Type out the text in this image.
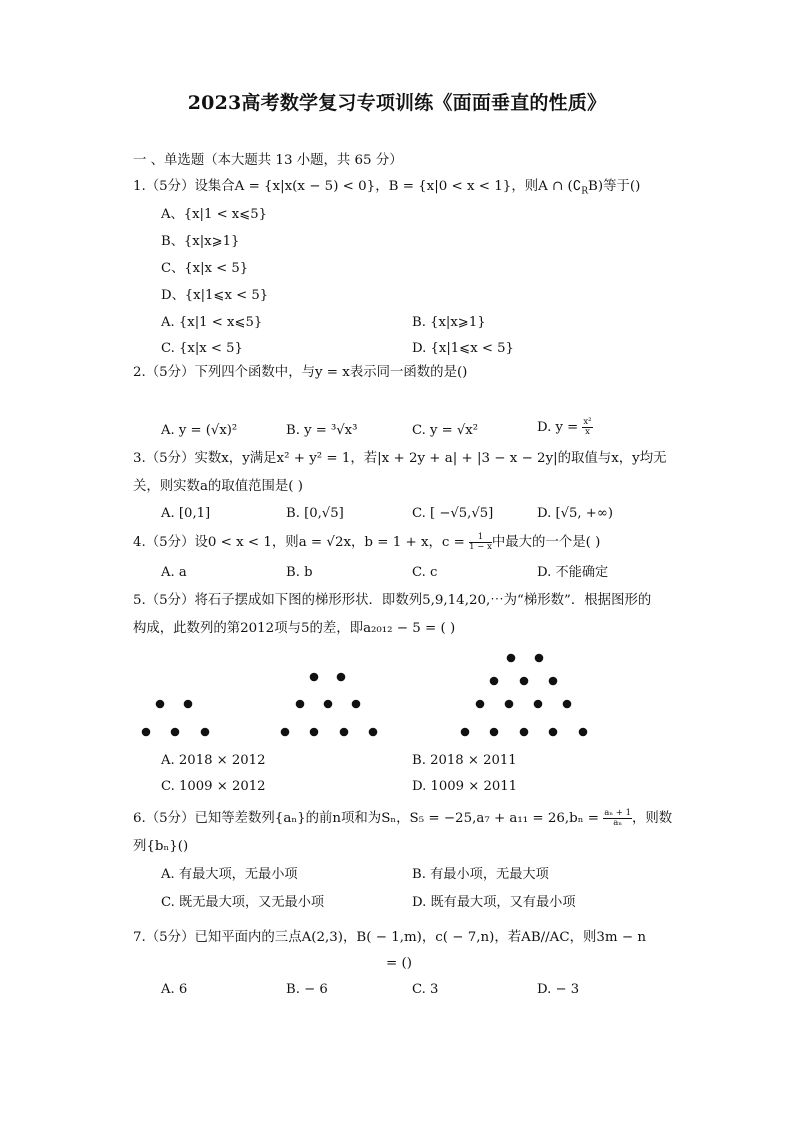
2023高考数学复习专项训练《面面垂直的性质》
一 、单选题（本大题共 13 小题，共 65 分）
1.（5分）设集合A = {x|x(x − 5) < 0}，B = {x|0 < x < 1}，则A ∩ $(∁_RB)$等于()
A、{x|1 < x⩽5}
B、{x|x⩾1}
C、{x|x < 5}
D、{x|1⩽x < 5}
A. {x|1 < x⩽5}	B. {x|x⩾1}
C. {x|x < 5}	D. {x|1⩽x < 5}
2.（5分）下列四个函数中，与y = x表示同一函数的是()
A. y = (√x)²	B. y = ³√x³	C. y = √x²	D. $y = \frac{\text{x²}}{x}$
3.（5分）实数x，y满足x² + y² = 1，若|x + 2y + a| + |3 − x − 2y|的取值与x，y均无
关，则实数a的取值范围是( )
A. [0,1]	B. [0,√5]	C. [ −√5,√5]	D. [√5, +∞)
4.（5分）设0 < x < 1，则a = √2x，b = 1 + x，$c = \frac{1}{1 - x}$ 中最大的一个是( )
A. a	B. b	C. c	D. 不能确定
5.（5分）将石子摆成如下图的梯形形状．即数列5,9,14,20,⋯为“梯形数”．根据图形的
构成，此数列的第2012项与5的差，即a₂₀₁₂ − 5 = ( )
A. 2018 × 2012	B. 2018 × 2011
C. 1009 × 2012	D. 1009 × 2011
6.（5分）已知等差数列{aₙ}的前n项和为Sₙ，$S_5 = -25,a_7 + a_{11} = 26,b_n = \frac{\text{aₙ + 1}}{\text{aₙ}}$ ，则数
列{bₙ}()
A. 有最大项，无最小项	B. 有最小项，无最大项
C. 既无最大项，又无最小项	D. 既有最大项，又有最小项
7.（5分）已知平面内的三点A(2,3)，B( − 1,m)，c( − 7,n)，若AB//AC，则3m − n
= ()
A. 6	B. − 6	C. 3	D. − 3
